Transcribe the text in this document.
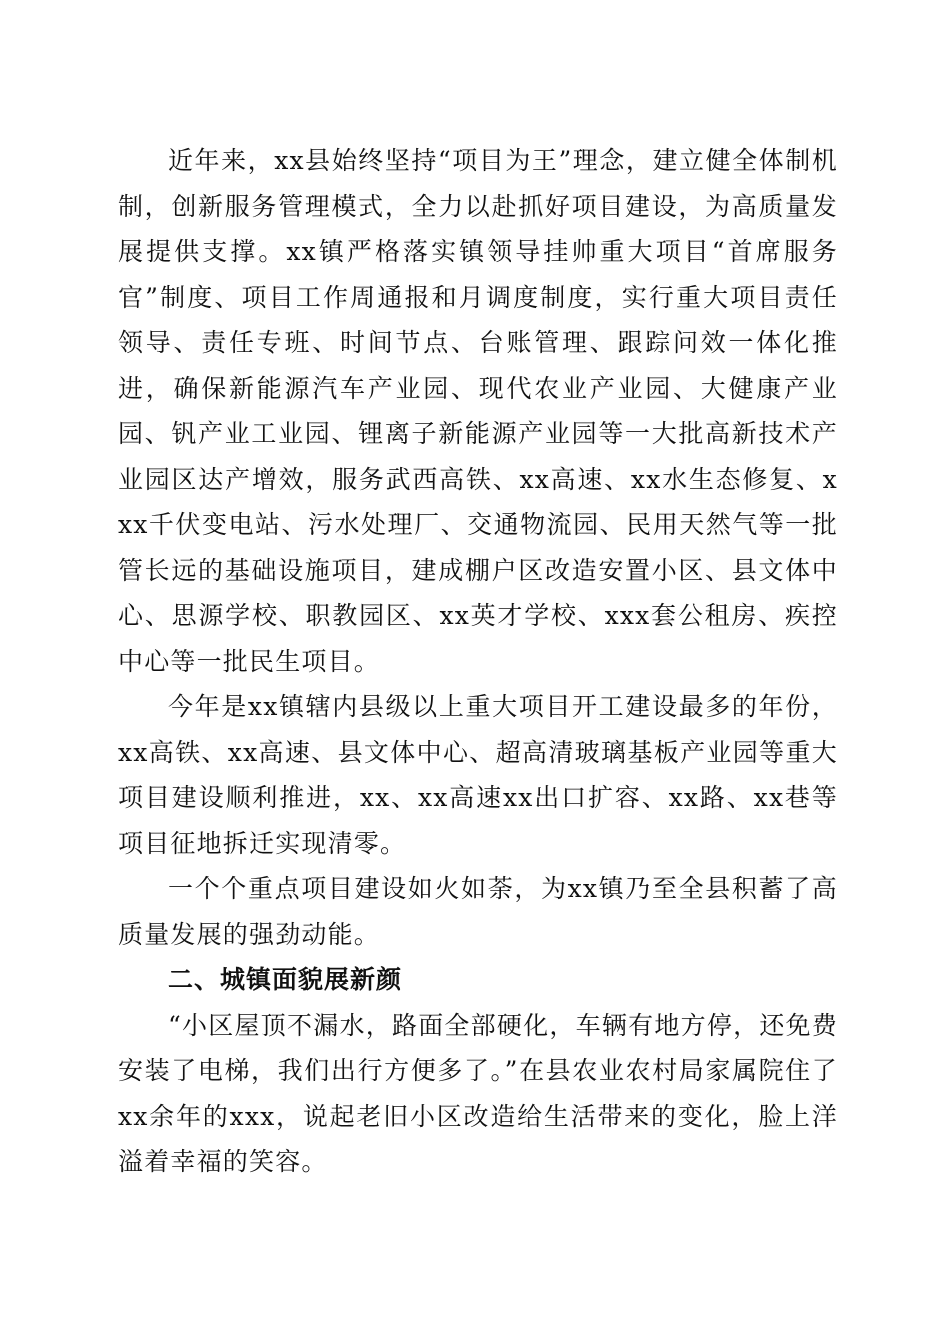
近年来，xx县始终坚持“项目为王”理念，建立健全体制机制，创新服务管理模式，全力以赴抓好项目建设，为高质量发展提供支撑。xx镇严格落实镇领导挂帅重大项目“首席服务官”制度、项目工作周通报和月调度制度，实行重大项目责任领导、责任专班、时间节点、台账管理、跟踪问效一体化推进，确保新能源汽车产业园、现代农业产业园、大健康产业园、钒产业工业园、锂离子新能源产业园等一大批高新技术产业园区达产增效，服务武西高铁、xx高速、xx水生态修复、xxx千伏变电站、污水处理厂、交通物流园、民用天然气等一批管长远的基础设施项目，建成棚户区改造安置小区、县文体中心、思源学校、职教园区、xx英才学校、xxx套公租房、疾控中心等一批民生项目。

今年是xx镇辖内县级以上重大项目开工建设最多的年份，xx高铁、xx高速、县文体中心、超高清玻璃基板产业园等重大项目建设顺利推进，xx、xx高速xx出口扩容、xx路、xx巷等项目征地拆迁实现清零。

一个个重点项目建设如火如荼，为xx镇乃至全县积蓄了高质量发展的强劲动能。

二、城镇面貌展新颜

“小区屋顶不漏水，路面全部硬化，车辆有地方停，还免费安装了电梯，我们出行方便多了。”在县农业农村局家属院住了xx余年的xxx，说起老旧小区改造给生活带来的变化，脸上洋溢着幸福的笑容。
